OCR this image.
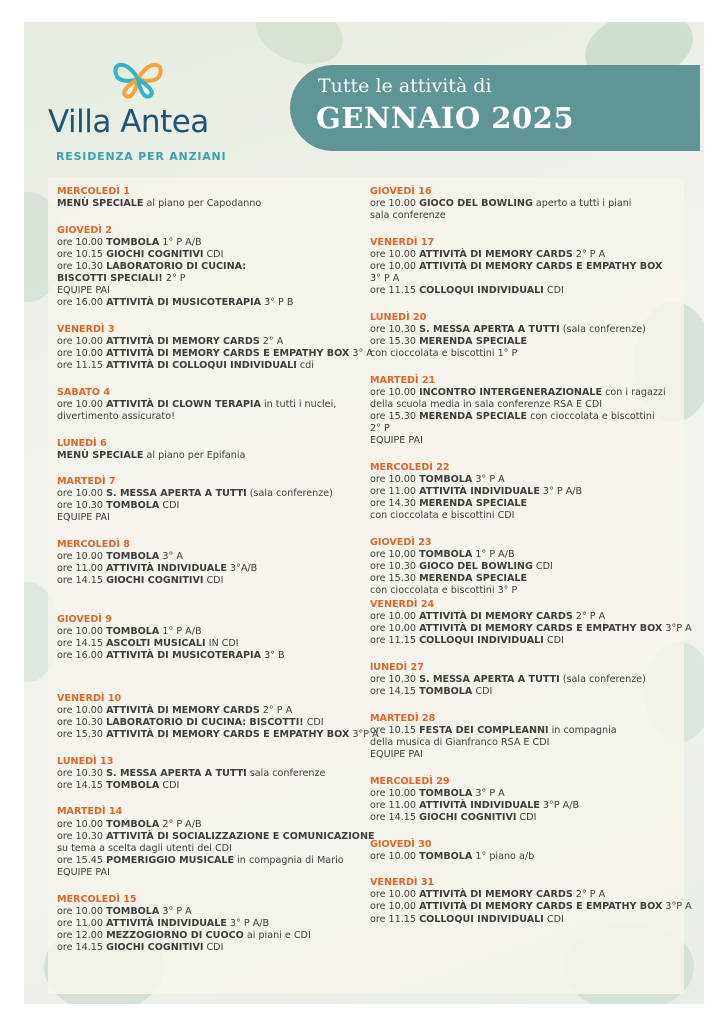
Villa Antea
RESIDENZA PER ANZIANI
Tutte le attività di
GENNAIO 2025
MERCOLEDÌ 1
MENÙ SPECIALE al piano per Capodanno
GIOVEDÌ 2
ore 10.00 TOMBOLA 1° P A/B
ore 10.15 GIOCHI COGNITIVI CDI
ore 10.30 LABORATORIO DI CUCINA:
BISCOTTI SPECIALI! 2° P
EQUIPE PAI
ore 16.00 ATTIVITÀ DI MUSICOTERAPIA 3° P B
VENERDÌ 3
ore 10.00 ATTIVITÀ DI MEMORY CARDS 2° A
ore 10.00 ATTIVITÀ DI MEMORY CARDS E EMPATHY BOX 3° A
ore 11.15 ATTIVITÀ DI COLLOQUI INDIVIDUALI cdi
SABATO 4
ore 10.00 ATTIVITÀ DI CLOWN TERAPIA in tutti i nuclei,
divertimento assicurato!
LUNEDÌ 6
MENÙ SPECIALE al piano per Epifania
MARTEDÌ 7
ore 10.00 S. MESSA APERTA A TUTTI (sala conferenze)
ore 10.30 TOMBOLA CDI
EQUIPE PAI
MERCOLEDÌ 8
ore 10.00 TOMBOLA 3° A
ore 11.00 ATTIVITÀ INDIVIDUALE 3°A/B
ore 14.15 GIOCHI COGNITIVI CDI
GIOVEDÌ 9
ore 10.00 TOMBOLA 1° P A/B
ore 14.15 ASCOLTI MUSICALI IN CDI
ore 16.00 ATTIVITÀ DI MUSICOTERAPIA 3° B
VENERDÌ 10
ore 10.00 ATTIVITÀ DI MEMORY CARDS 2° P A
ore 10.30 LABORATORIO DI CUCINA: BISCOTTI! CDI
ore 15.30 ATTIVITÀ DI MEMORY CARDS E EMPATHY BOX 3°P A
LUNEDÌ 13
ore 10.30 S. MESSA APERTA A TUTTI sala conferenze
ore 14.15 TOMBOLA CDI
MARTEDÌ 14
ore 10.00 TOMBOLA 2° P A/B
ore 10.30 ATTIVITÀ DI SOCIALIZZAZIONE E COMUNICAZIONE
su tema a scelta dagli utenti del CDI
ore 15.45 POMERIGGIO MUSICALE in compagnia di Mario
EQUIPE PAI
MERCOLEDÌ 15
ore 10.00 TOMBOLA 3° P A
ore 11.00 ATTIVITÀ INDIVIDUALE 3° P A/B
ore 12.00 MEZZOGIORNO DI CUOCO ai piani e CDI
ore 14.15 GIOCHI COGNITIVI CDI
GIOVEDÌ 16
ore 10.00 GIOCO DEL BOWLING aperto a tutti i piani
sala conferenze
VENERDÌ 17
ore 10.00 ATTIVITÀ DI MEMORY CARDS 2° P A
ore 10.00 ATTIVITÀ DI MEMORY CARDS E EMPATHY BOX
3° P A
ore 11.15 COLLOQUI INDIVIDUALI CDI
LUNEDÌ 20
ore 10.30 S. MESSA APERTA A TUTTI (sala conferenze)
ore 15.30 MERENDA SPECIALE
con cioccolata e biscottini 1° P
MARTEDÌ 21
ore 10.00 INCONTRO INTERGENERAZIONALE con i ragazzi
della scuola media in sala conferenze RSA E CDI
ore 15.30 MERENDA SPECIALE con cioccolata e biscottini
2° P
EQUIPE PAI
MERCOLEDÌ 22
ore 10.00 TOMBOLA 3° P A
ore 11.00 ATTIVITÀ INDIVIDUALE 3° P A/B
ore 14.30 MERENDA SPECIALE
con cioccolata e biscottini CDI
GIOVEDÌ 23
ore 10.00 TOMBOLA 1° P A/B
ore 10.30 GIOCO DEL BOWLING CDI
ore 15.30 MERENDA SPECIALE
con cioccolata e biscottini 3° P
VENERDÌ 24
ore 10.00 ATTIVITÀ DI MEMORY CARDS 2° P A
ore 10.00 ATTIVITÀ DI MEMORY CARDS E EMPATHY BOX 3°P A
ore 11.15 COLLOQUI INDIVIDUALI CDI
lUNEDÌ 27
ore 10.30 S. MESSA APERTA A TUTTI (sala conferenze)
ore 14.15 TOMBOLA CDI
MARTEDÌ 28
ore 10.15 FESTA DEI COMPLEANNI in compagnia
della musica di Gianfranco RSA E CDI
EQUIPE PAI
MERCOLEDÌ 29
ore 10.00 TOMBOLA 3° P A
ore 11.00 ATTIVITÀ INDIVIDUALE 3°P A/B
ore 14.15 GIOCHI COGNITIVI CDI
GIOVEDÌ 30
ore 10.00 TOMBOLA 1° piano a/b
VENERDÌ 31
ore 10.00 ATTIVITÀ DI MEMORY CARDS 2° P A
ore 10.00 ATTIVITÀ DI MEMORY CARDS E EMPATHY BOX 3°P A
ore 11.15 COLLOQUI INDIVIDUALI CDI
